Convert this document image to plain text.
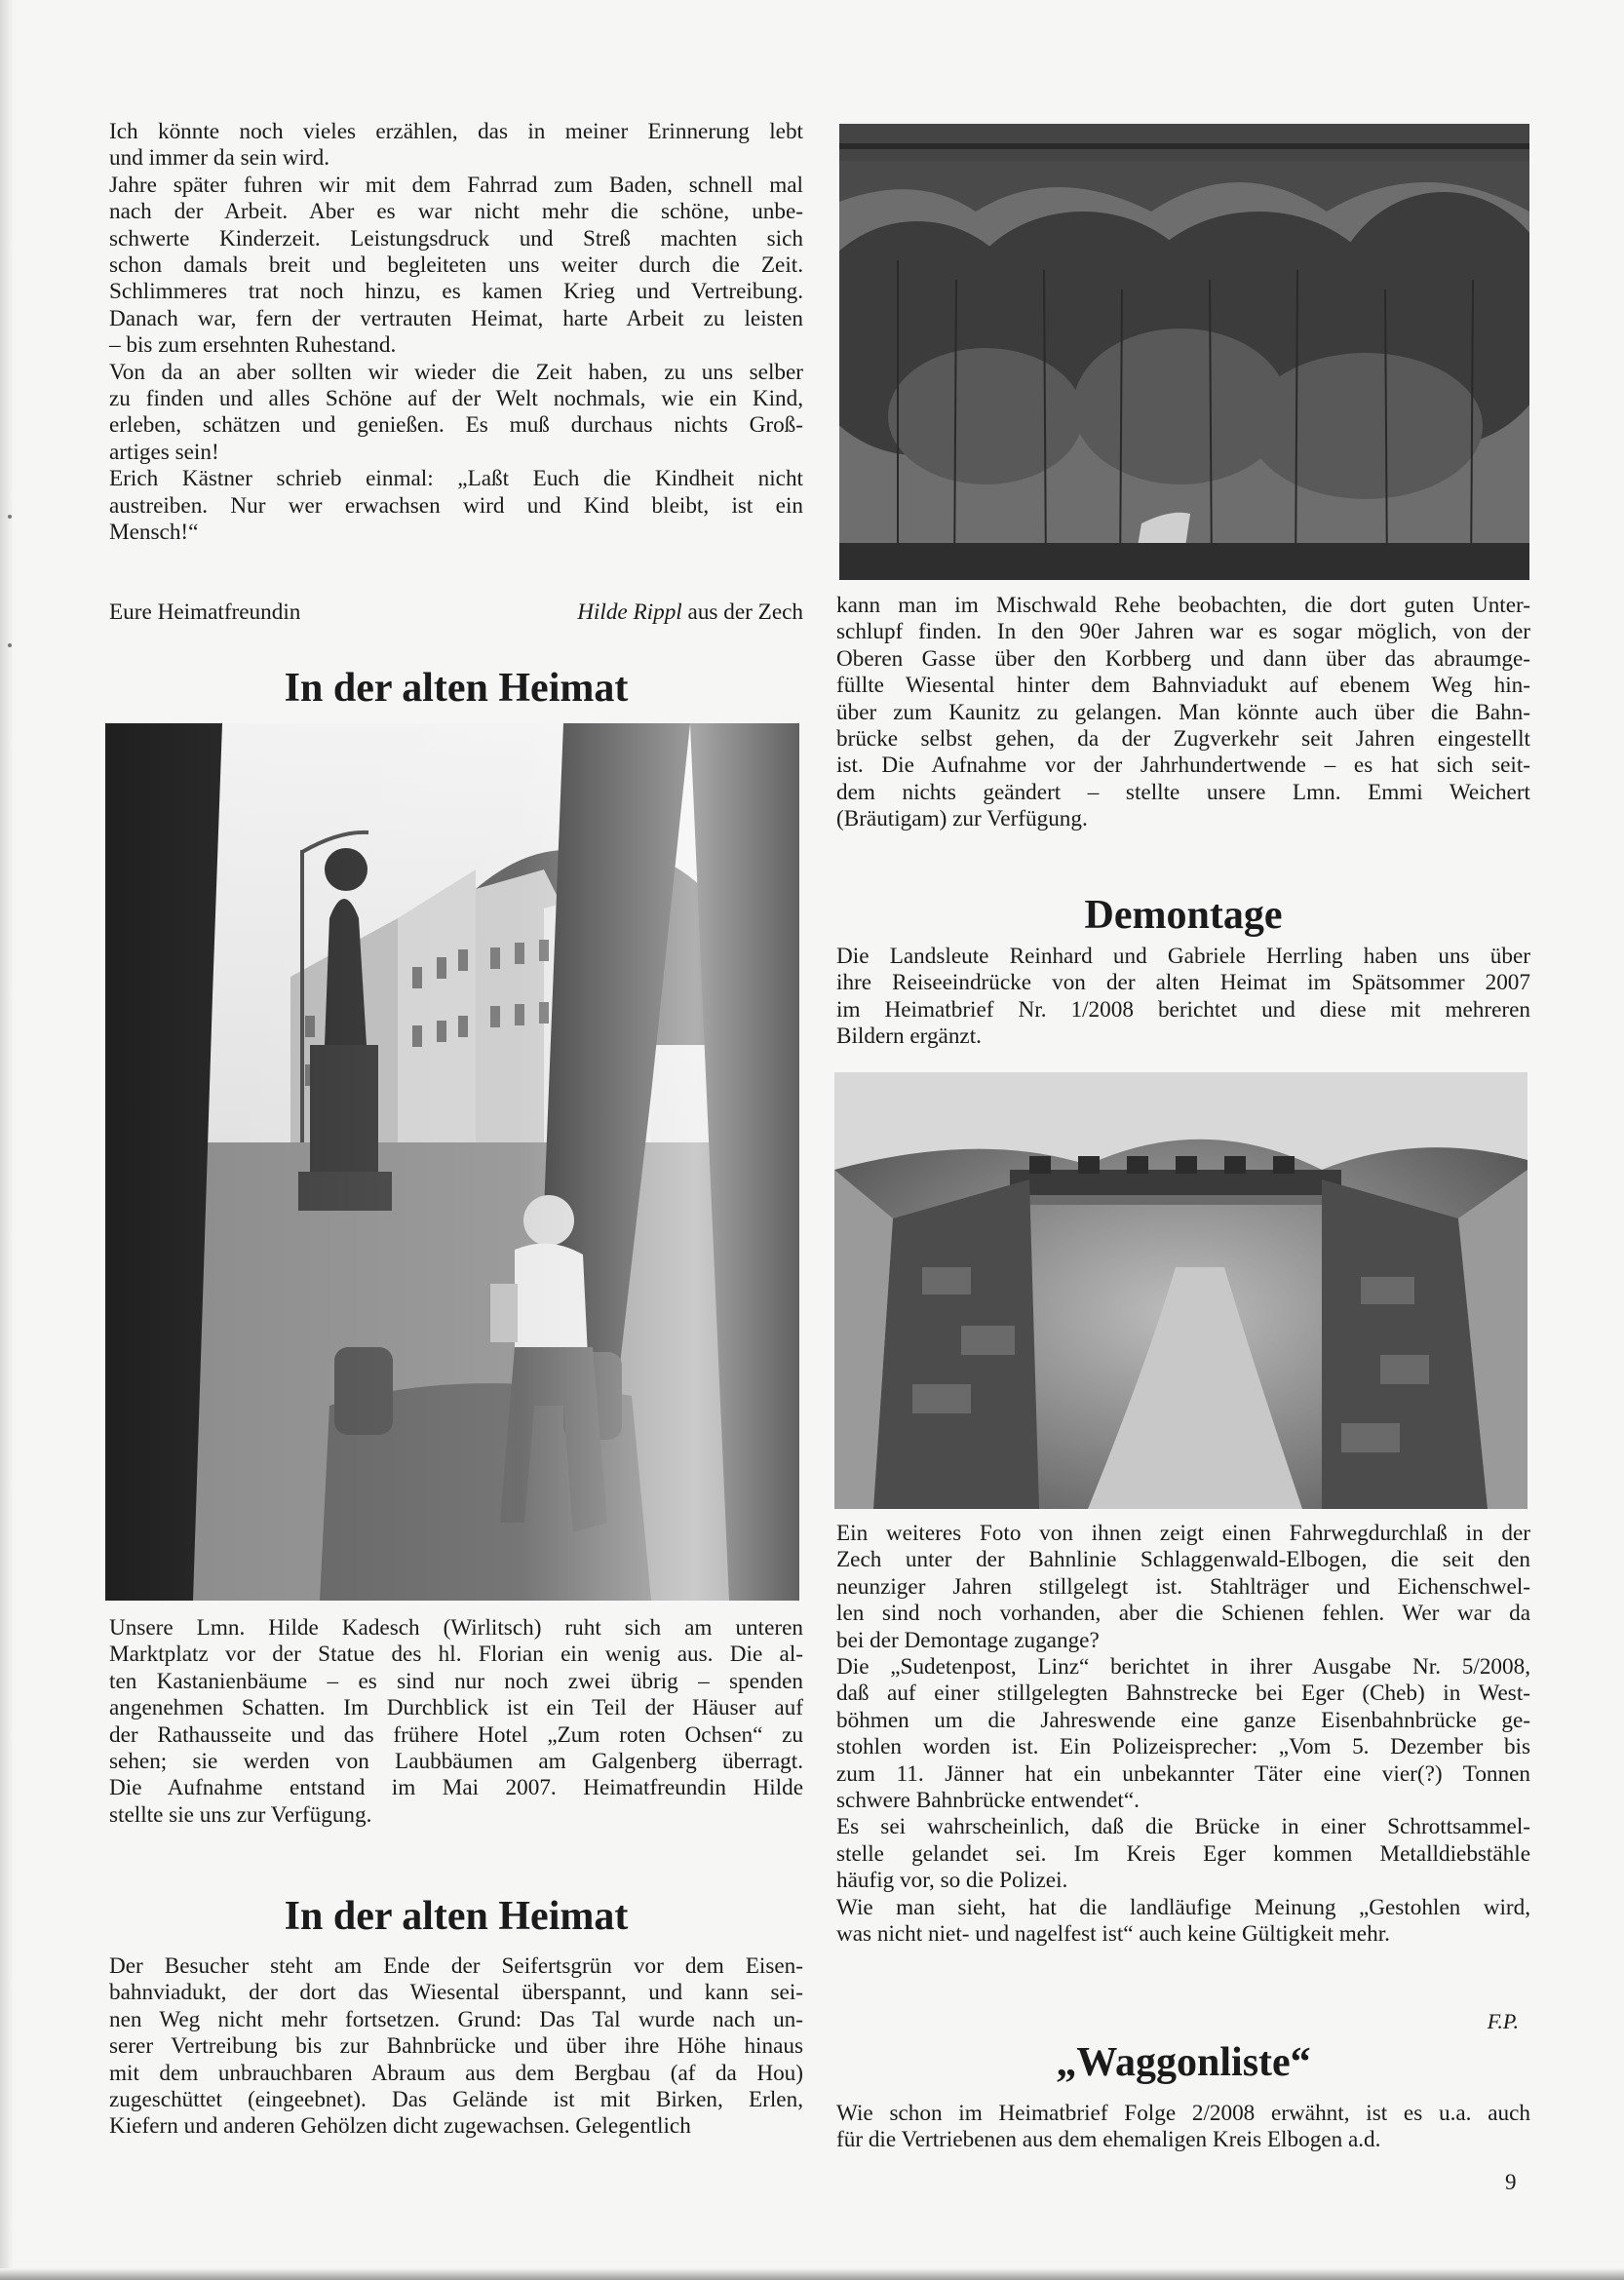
Ich könnte noch vieles erzählen, das in meiner Erinnerung lebt
und immer da sein wird.

Jahre später fuhren wir mit dem Fahrrad zum Baden, schnell mal
nach der Arbeit. Aber es war nicht mehr die schöne, unbe-
schwerte Kinderzeit. Leistungsdruck und Streß machten sich
schon damals breit und begleiteten uns weiter durch die Zeit.
Schlimmeres trat noch hinzu, es kamen Krieg und Vertreibung.
Danach war, fern der vertrauten Heimat, harte Arbeit zu leisten
– bis zum ersehnten Ruhestand.

Von da an aber sollten wir wieder die Zeit haben, zu uns selber
zu finden und alles Schöne auf der Welt nochmals, wie ein Kind,
erleben, schätzen und genießen. Es muß durchaus nichts Groß-
artiges sein!

Erich Kästner schrieb einmal: „Laßt Euch die Kindheit nicht
austreiben. Nur wer erwachsen wird und Kind bleibt, ist ein
Mensch!“

Eure Heimatfreundin	Hilde Rippl aus der Zech
In der alten Heimat

Unsere Lmn. Hilde Kadesch (Wirlitsch) ruht sich am unteren
Marktplatz vor der Statue des hl. Florian ein wenig aus. Die al-
ten Kastanienbäume – es sind nur noch zwei übrig – spenden
angenehmen Schatten. Im Durchblick ist ein Teil der Häuser auf
der Rathausseite und das frühere Hotel „Zum roten Ochsen“ zu
sehen; sie werden von Laubbäumen am Galgenberg überragt.
Die Aufnahme entstand im Mai 2007. Heimatfreundin Hilde
stellte sie uns zur Verfügung.

In der alten Heimat

Der Besucher steht am Ende der Seifertsgrün vor dem Eisen-
bahnviadukt, der dort das Wiesental überspannt, und kann sei-
nen Weg nicht mehr fortsetzen. Grund: Das Tal wurde nach un-
serer Vertreibung bis zur Bahnbrücke und über ihre Höhe hinaus
mit dem unbrauchbaren Abraum aus dem Bergbau (af da Hou)
zugeschüttet (eingeebnet). Das Gelände ist mit Birken, Erlen,
Kiefern und anderen Gehölzen dicht zugewachsen. Gelegentlich

kann man im Mischwald Rehe beobachten, die dort guten Unter-
schlupf finden. In den 90er Jahren war es sogar möglich, von der
Oberen Gasse über den Korbberg und dann über das abraumge-
füllte Wiesental hinter dem Bahnviadukt auf ebenem Weg hin-
über zum Kaunitz zu gelangen. Man könnte auch über die Bahn-
brücke selbst gehen, da der Zugverkehr seit Jahren eingestellt
ist. Die Aufnahme vor der Jahrhundertwende – es hat sich seit-
dem nichts geändert – stellte unsere Lmn. Emmi Weichert
(Bräutigam) zur Verfügung.

Demontage

Die Landsleute Reinhard und Gabriele Herrling haben uns über
ihre Reiseeindrücke von der alten Heimat im Spätsommer 2007
im Heimatbrief Nr. 1/2008 berichtet und diese mit mehreren
Bildern ergänzt.

Ein weiteres Foto von ihnen zeigt einen Fahrwegdurchlaß in der
Zech unter der Bahnlinie Schlaggenwald-Elbogen, die seit den
neunziger Jahren stillgelegt ist. Stahlträger und Eichenschwel-
len sind noch vorhanden, aber die Schienen fehlen. Wer war da
bei der Demontage zugange?

Die „Sudetenpost, Linz“ berichtet in ihrer Ausgabe Nr. 5/2008,
daß auf einer stillgelegten Bahnstrecke bei Eger (Cheb) in West-
böhmen um die Jahreswende eine ganze Eisenbahnbrücke ge-
stohlen worden ist. Ein Polizeisprecher: „Vom 5. Dezember bis
zum 11. Jänner hat ein unbekannter Täter eine vier(?) Tonnen
schwere Bahnbrücke entwendet“.

Es sei wahrscheinlich, daß die Brücke in einer Schrottsammel-
stelle gelandet sei. Im Kreis Eger kommen Metalldiebstähle
häufig vor, so die Polizei.

Wie man sieht, hat die landläufige Meinung „Gestohlen wird,
was nicht niet- und nagelfest ist“ auch keine Gültigkeit mehr.

F.P.
„Waggonliste“

Wie schon im Heimatbrief Folge 2/2008 erwähnt, ist es u.a. auch
für die Vertriebenen aus dem ehemaligen Kreis Elbogen a.d.

9
